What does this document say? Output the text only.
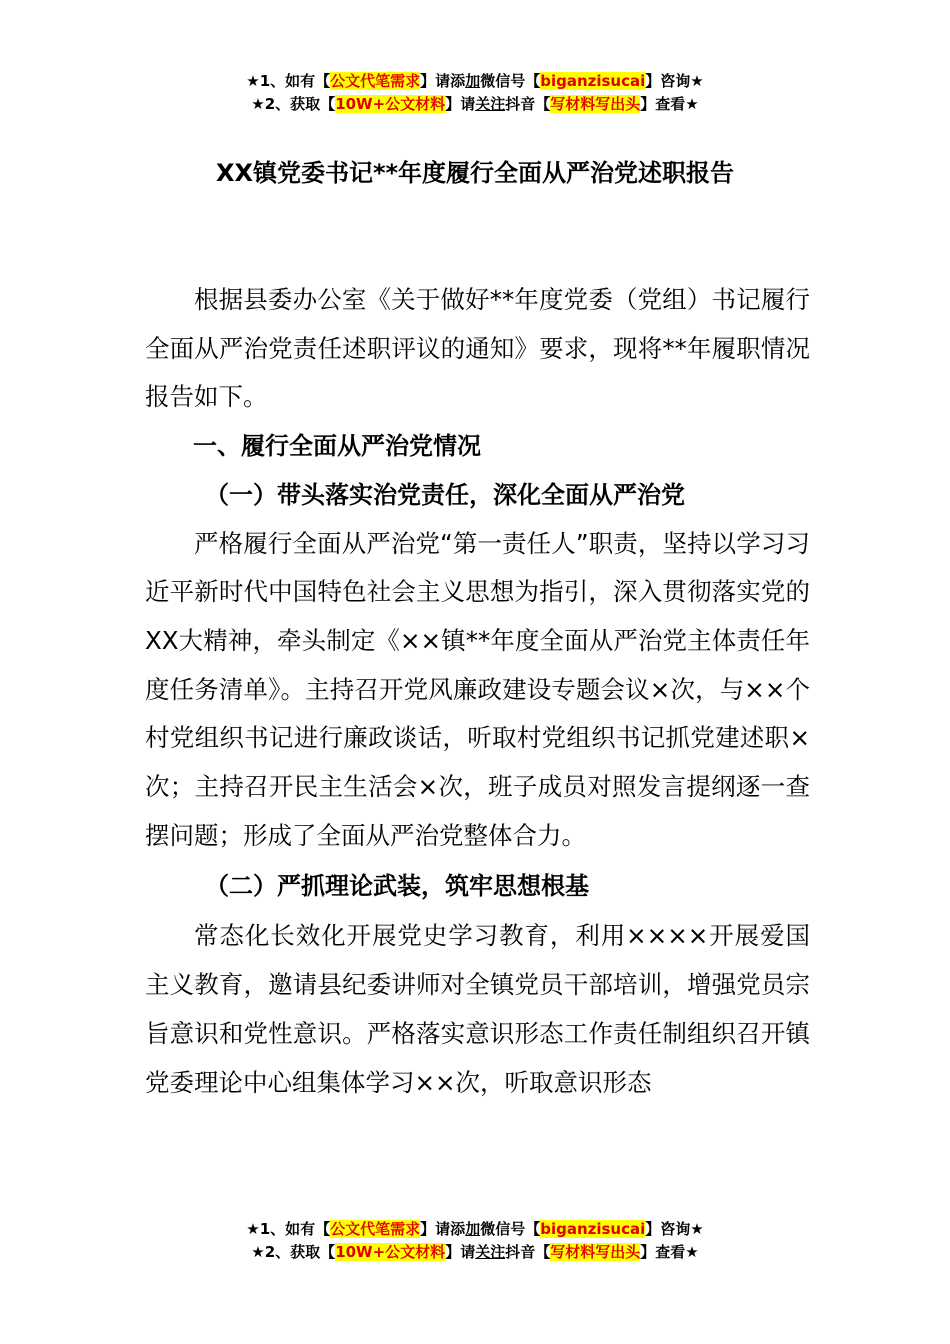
★1、如有【公文代笔需求】请添加微信号【biganzisucai】咨询★
★2、获取【10W+公文材料】请关注抖音【写材料写出头】查看★
XX镇党委书记**年度履行全面从严治党述职报告

根据县委办公室《关于做好**年度党委（党组）书记履行全面从严治党责任述职评议的通知》要求，现将**年履职情况报告如下。

一、履行全面从严治党情况

（一）带头落实治党责任，深化全面从严治党

严格履行全面从严治党“第一责任人”职责，坚持以学习习近平新时代中国特色社会主义思想为指引，深入贯彻落实党的XX大精神，牵头制定《××镇**年度全面从严治党主体责任年度任务清单》。主持召开党风廉政建设专题会议×次，与××个村党组织书记进行廉政谈话，听取村党组织书记抓党建述职×次；主持召开民主生活会×次，班子成员对照发言提纲逐一查摆问题；形成了全面从严治党整体合力。

（二）严抓理论武装，筑牢思想根基

常态化长效化开展党史学习教育，利用××××开展爱国主义教育，邀请县纪委讲师对全镇党员干部培训，增强党员宗旨意识和党性意识。严格落实意识形态工作责任制组织召开镇党委理论中心组集体学习××次，听取意识形态

★1、如有【公文代笔需求】请添加微信号【biganzisucai】咨询★
★2、获取【10W+公文材料】请关注抖音【写材料写出头】查看★
